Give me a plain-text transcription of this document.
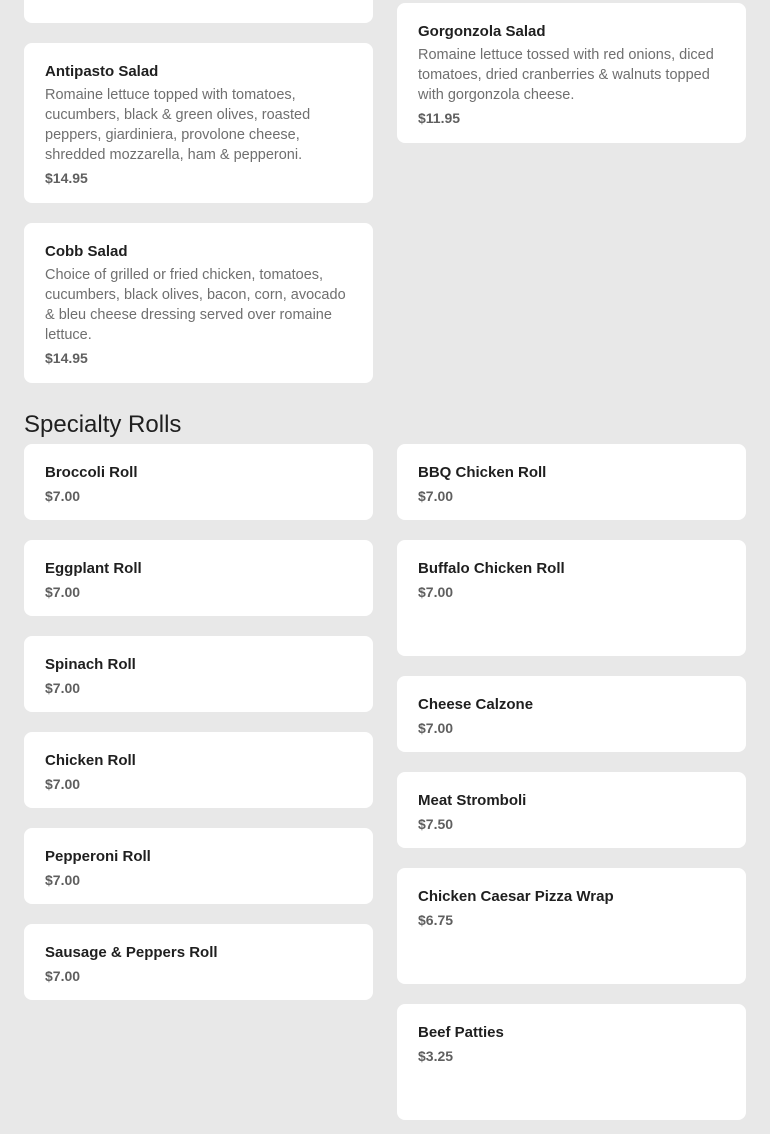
Antipasto Salad

Romaine lettuce topped with tomatoes, cucumbers, black & green olives, roasted peppers, giardiniera, provolone cheese, shredded mozzarella, ham & pepperoni.

$14.95

Cobb Salad

Choice of grilled or fried chicken, tomatoes, cucumbers, black olives, bacon, corn, avocado & bleu cheese dressing served over romaine lettuce.

$14.95

Gorgonzola Salad

Romaine lettuce tossed with red onions, diced tomatoes, dried cranberries & walnuts topped with gorgonzola cheese.

$11.95

Specialty Rolls

Broccoli Roll

$7.00

Eggplant Roll

$7.00

Spinach Roll

$7.00

Chicken Roll

$7.00

Pepperoni Roll

$7.00

Sausage & Peppers Roll

$7.00

BBQ Chicken Roll

$7.00

Buffalo Chicken Roll

$7.00

Cheese Calzone

$7.00

Meat Stromboli

$7.50

Chicken Caesar Pizza Wrap

$6.75

Beef Patties

$3.25
